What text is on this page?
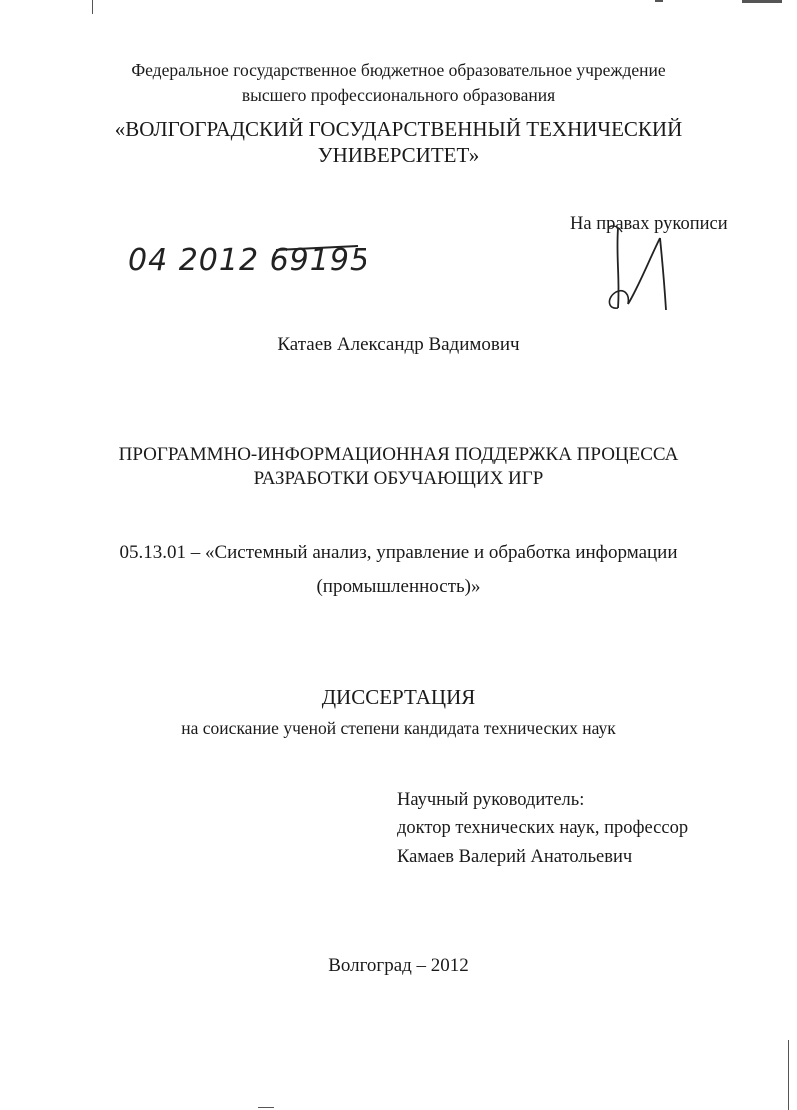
Федеральное государственное бюджетное образовательное учреждение
высшего профессионального образования
«ВОЛГОГРАДСКИЙ ГОСУДАРСТВЕННЫЙ ТЕХНИЧЕСКИЙ
УНИВЕРСИТЕТ»
На правах рукописи
04 2012 69195
Катаев Александр Вадимович
ПРОГРАММНО-ИНФОРМАЦИОННАЯ ПОДДЕРЖКА ПРОЦЕССА
РАЗРАБОТКИ ОБУЧАЮЩИХ ИГР
05.13.01 – «Системный анализ, управление и обработка информации
(промышленность)»
ДИССЕРТАЦИЯ
на соискание ученой степени кандидата технических наук
Научный руководитель:
доктор технических наук, профессор
Камаев Валерий Анатольевич
Волгоград – 2012
